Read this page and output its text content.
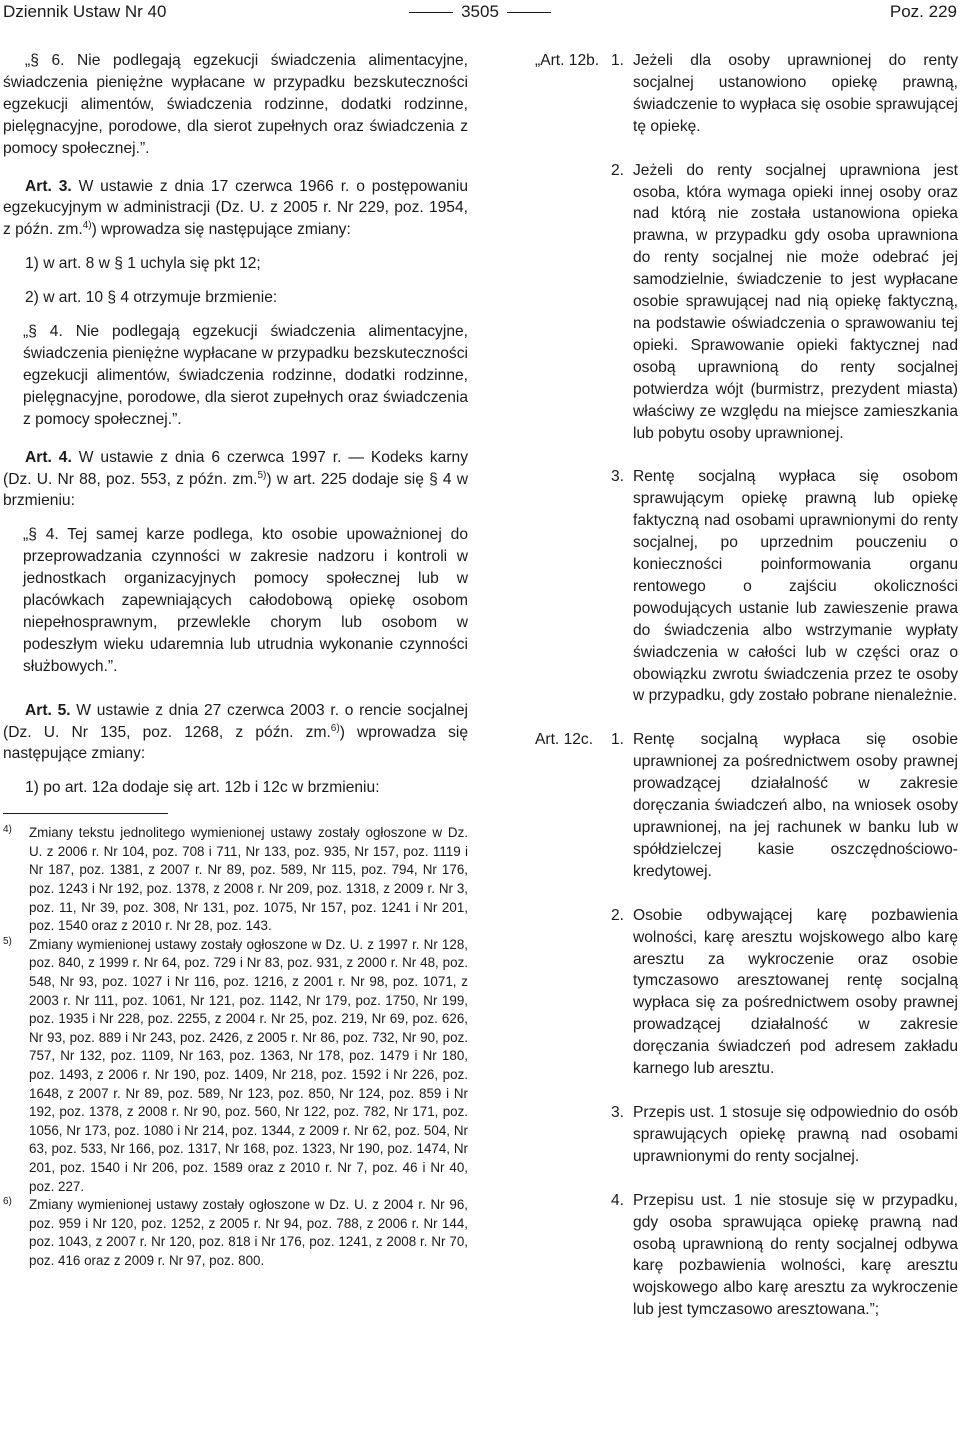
Dziennik Ustaw Nr 40	3505	Poz. 229

„§ 6. Nie podlegają egzekucji świadczenia alimentacyjne, świadczenia pieniężne wypłacane w przypadku bezskuteczności egzekucji alimentów, świadczenia rodzinne, dodatki rodzinne, pielęgnacyjne, porodowe, dla sierot zupełnych oraz świadczenia z pomocy społecznej.”.

Art. 3. W ustawie z dnia 17 czerwca 1966 r. o postępowaniu egzekucyjnym w administracji (Dz. U. z 2005 r. Nr 229, poz. 1954, z późn. zm.$^{4)}$) wprowadza się następujące zmiany:

1) w art. 8 w § 1 uchyla się pkt 12;

2) w art. 10 § 4 otrzymuje brzmienie:

„§ 4. Nie podlegają egzekucji świadczenia alimentacyjne, świadczenia pieniężne wypłacane w przypadku bezskuteczności egzekucji alimentów, świadczenia rodzinne, dodatki rodzinne, pielęgnacyjne, porodowe, dla sierot zupełnych oraz świadczenia z pomocy społecznej.”.

Art. 4. W ustawie z dnia 6 czerwca 1997 r. — Kodeks karny (Dz. U. Nr 88, poz. 553, z późn. zm.$^{5)}$) w art. 225 dodaje się § 4 w brzmieniu:

„§ 4. Tej samej karze podlega, kto osobie upoważnionej do przeprowadzania czynności w zakresie nadzoru i kontroli w jednostkach organizacyjnych pomocy społecznej lub w placówkach zapewniających całodobową opiekę osobom niepełnosprawnym, przewlekle chorym lub osobom w podeszłym wieku udaremnia lub utrudnia wykonanie czynności służbowych.”.

Art. 5. W ustawie z dnia 27 czerwca 2003 r. o rencie socjalnej (Dz. U. Nr 135, poz. 1268, z późn. zm.$^{6)}$) wprowadza się następujące zmiany:

1) po art. 12a dodaje się art. 12b i 12c w brzmieniu:

4) Zmiany tekstu jednolitego wymienionej ustawy zostały ogłoszone w Dz. U. z 2006 r. Nr 104, poz. 708 i 711, Nr 133, poz. 935, Nr 157, poz. 1119 i Nr 187, poz. 1381, z 2007 r. Nr 89, poz. 589, Nr 115, poz. 794, Nr 176, poz. 1243 i Nr 192, poz. 1378, z 2008 r. Nr 209, poz. 1318, z 2009 r. Nr 3, poz. 11, Nr 39, poz. 308, Nr 131, poz. 1075, Nr 157, poz. 1241 i Nr 201, poz. 1540 oraz z 2010 r. Nr 28, poz. 143.
5) Zmiany wymienionej ustawy zostały ogłoszone w Dz. U. z 1997 r. Nr 128, poz. 840, z 1999 r. Nr 64, poz. 729 i Nr 83, poz. 931, z 2000 r. Nr 48, poz. 548, Nr 93, poz. 1027 i Nr 116, poz. 1216, z 2001 r. Nr 98, poz. 1071, z 2003 r. Nr 111, poz. 1061, Nr 121, poz. 1142, Nr 179, poz. 1750, Nr 199, poz. 1935 i Nr 228, poz. 2255, z 2004 r. Nr 25, poz. 219, Nr 69, poz. 626, Nr 93, poz. 889 i Nr 243, poz. 2426, z 2005 r. Nr 86, poz. 732, Nr 90, poz. 757, Nr 132, poz. 1109, Nr 163, poz. 1363, Nr 178, poz. 1479 i Nr 180, poz. 1493, z 2006 r. Nr 190, poz. 1409, Nr 218, poz. 1592 i Nr 226, poz. 1648, z 2007 r. Nr 89, poz. 589, Nr 123, poz. 850, Nr 124, poz. 859 i Nr 192, poz. 1378, z 2008 r. Nr 90, poz. 560, Nr 122, poz. 782, Nr 171, poz. 1056, Nr 173, poz. 1080 i Nr 214, poz. 1344, z 2009 r. Nr 62, poz. 504, Nr 63, poz. 533, Nr 166, poz. 1317, Nr 168, poz. 1323, Nr 190, poz. 1474, Nr 201, poz. 1540 i Nr 206, poz. 1589 oraz z 2010 r. Nr 7, poz. 46 i Nr 40, poz. 227.
6) Zmiany wymienionej ustawy zostały ogłoszone w Dz. U. z 2004 r. Nr 96, poz. 959 i Nr 120, poz. 1252, z 2005 r. Nr 94, poz. 788, z 2006 r. Nr 144, poz. 1043, z 2007 r. Nr 120, poz. 818 i Nr 176, poz. 1241, z 2008 r. Nr 70, poz. 416 oraz z 2009 r. Nr 97, poz. 800.
„Art. 12b. 1. Jeżeli dla osoby uprawnionej do renty socjalnej ustanowiono opiekę prawną, świadczenie to wypłaca się osobie sprawującej tę opiekę.
2. Jeżeli do renty socjalnej uprawniona jest osoba, która wymaga opieki innej osoby oraz nad którą nie została ustanowiona opieka prawna, w przypadku gdy osoba uprawniona do renty socjalnej nie może odebrać jej samodzielnie, świadczenie to jest wypłacane osobie sprawującej nad nią opiekę faktyczną, na podstawie oświadczenia o sprawowaniu tej opieki. Sprawowanie opieki faktycznej nad osobą uprawnioną do renty socjalnej potwierdza wójt (burmistrz, prezydent miasta) właściwy ze względu na miejsce zamieszkania lub pobytu osoby uprawnionej.
3. Rentę socjalną wypłaca się osobom sprawującym opiekę prawną lub opiekę faktyczną nad osobami uprawnionymi do renty socjalnej, po uprzednim pouczeniu o konieczności poinformowania organu rentowego o zajściu okoliczności powodujących ustanie lub zawieszenie prawa do świadczenia albo wstrzymanie wypłaty świadczenia w całości lub w części oraz o obowiązku zwrotu świadczenia przez te osoby w przypadku, gdy zostało pobrane nienależnie.
Art. 12c. 1. Rentę socjalną wypłaca się osobie uprawnionej za pośrednictwem osoby prawnej prowadzącej działalność w zakresie doręczania świadczeń albo, na wniosek osoby uprawnionej, na jej rachunek w banku lub w spółdzielczej kasie oszczędnościowo-kredytowej.
2. Osobie odbywającej karę pozbawienia wolności, karę aresztu wojskowego albo karę aresztu za wykroczenie oraz osobie tymczasowo aresztowanej rentę socjalną wypłaca się za pośrednictwem osoby prawnej prowadzącej działalność w zakresie doręczania świadczeń pod adresem zakładu karnego lub aresztu.
3. Przepis ust. 1 stosuje się odpowiednio do osób sprawujących opiekę prawną nad osobami uprawnionymi do renty socjalnej.
4. Przepisu ust. 1 nie stosuje się w przypadku, gdy osoba sprawująca opiekę prawną nad osobą uprawnioną do renty socjalnej odbywa karę pozbawienia wolności, karę aresztu wojskowego albo karę aresztu za wykroczenie lub jest tymczasowo aresztowana.”;
